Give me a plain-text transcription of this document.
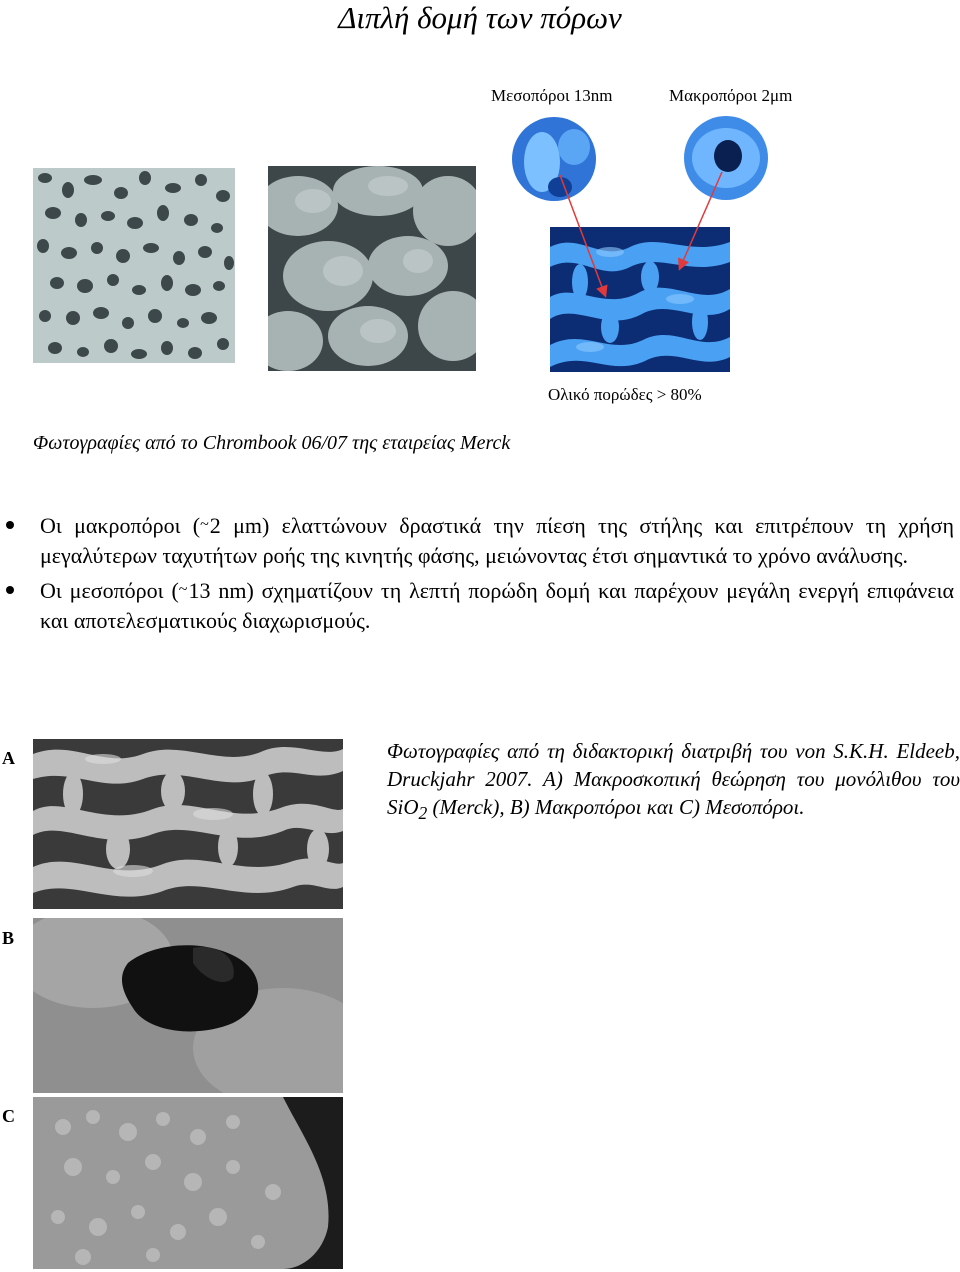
Διπλή δομή των πόρων
Μεσοπόροι 13nm	Μακροπόροι 2μm
Ολικό πορώδες > 80%
Φωτογραφίες από το Chrombook 06/07 της εταιρείας Merck
Οι μακροπόροι (~2 μm) ελαττώνουν δραστικά την πίεση της στήλης και επιτρέπουν τη χρήση μεγαλύτερων ταχυτήτων ροής της κινητής φάσης, μειώνοντας έτσι σημαντικά το χρόνο ανάλυσης.
Οι μεσοπόροι (~13 nm) σχηματίζουν τη λεπτή πορώδη δομή και παρέχουν μεγάλη ενεργή επιφάνεια και αποτελεσματικούς διαχωρισμούς.
A
B
C
Φωτογραφίες από τη διδακτορική διατριβή του von S.K.H. Eldeeb, Druckjahr 2007. A) Μακροσκοπική θεώρηση του μονόλιθου του SiO$_2$ (Merck), B) Μακροπόροι και C) Μεσοπόροι.
